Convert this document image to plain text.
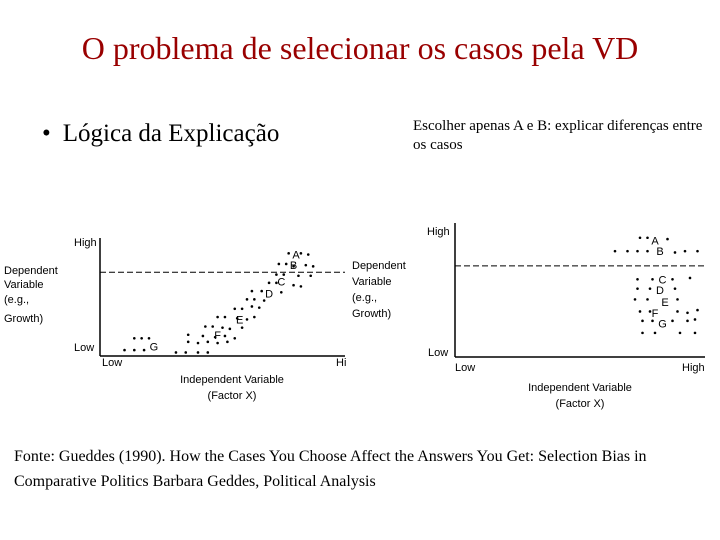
O problema de selecionar os casos pela VD
• Lógica da Explicação	Escolher apenas A e B: explicar diferenças entre os casos
High
Low
Low	Hi
Dependent
Variable
(e.g.,
Growth)
Dependent
Variable
(e.g.,
Growth)
Independent Variable
(Factor X)
A
B
C
D
E
F
G
High
Low
Low	High
Independent Variable
(Factor X)
A
B
C
D
E
F
G
Fonte: Gueddes (1990). How the Cases You Choose Affect the Answers You Get: Selection Bias in Comparative Politics Barbara Geddes, Political Analysis
